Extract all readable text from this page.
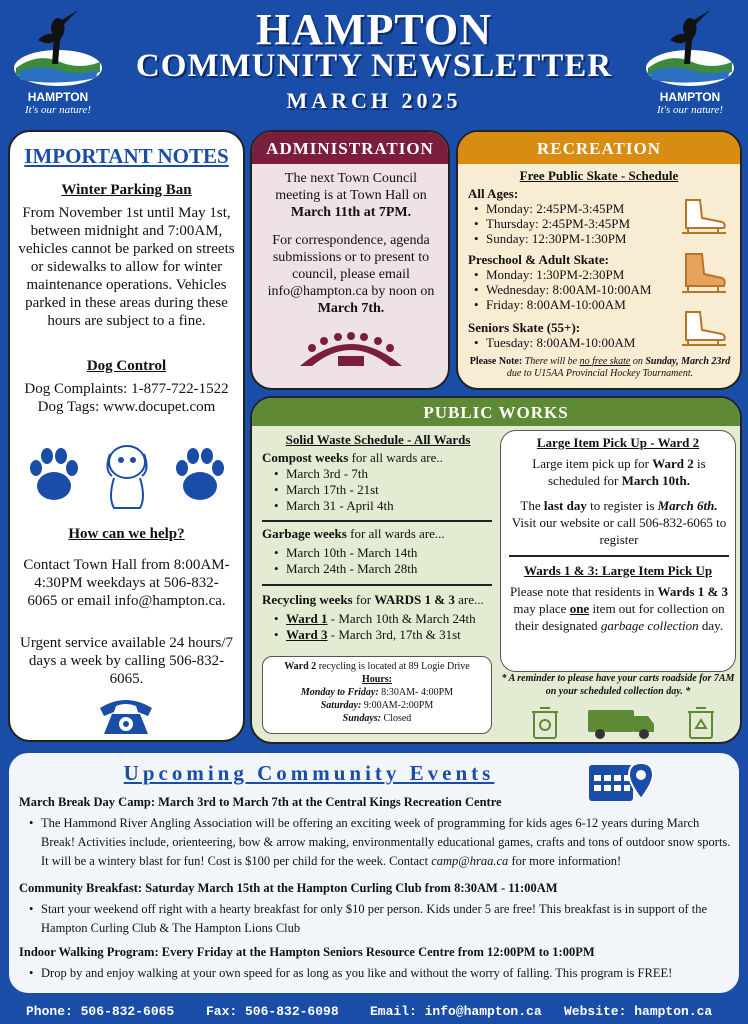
HAMPTON
It's our nature!
HAMPTON
COMMUNITY NEWSLETTER
MARCH 2025	HAMPTON
It's our nature!
IMPORTANT NOTES
Winter Parking Ban
From November 1st until May 1st, between midnight and 7:00AM, vehicles cannot be parked on streets or sidewalks to allow for winter maintenance operations. Vehicles parked in these areas during these hours are subject to a fine.
Dog Control
Dog Complaints: 1-877-722-1522
Dog Tags: www.docupet.com
How can we help?
Contact Town Hall from 8:00AM-4:30PM weekdays at 506-832-6065 or email info@hampton.ca.
Urgent service available 24 hours/7 days a week by calling 506-832-6065.
ADMINISTRATION
The next Town Council meeting is at Town Hall on March 11th at 7PM.
For correspondence, agenda submissions or to present to council, please email info@hampton.ca by noon on March 7th.
RECREATION
Free Public Skate - Schedule
All Ages:
• Monday: 2:45PM-3:45PM
• Thursday: 2:45PM-3:45PM
• Sunday: 12:30PM-1:30PM
Preschool & Adult Skate:
• Monday: 1:30PM-2:30PM
• Wednesday: 8:00AM-10:00AM
• Friday: 8:00AM-10:00AM
Seniors Skate (55+):
• Tuesday: 8:00AM-10:00AM
Please Note: There will be no free skate on Sunday, March 23rd due to U15AA Provincial Hockey Tournament.
PUBLIC WORKS
Solid Waste Schedule - All Wards
Compost weeks for all wards are..
• March 3rd - 7th
• March 17th - 21st
• March 31 - April 4th
Garbage weeks for all wards are...
• March 10th - March 14th
• March 24th - March 28th
Recycling weeks for WARDS 1 & 3 are...
• Ward 1 - March 10th & March 24th
• Ward 3 - March 3rd, 17th & 31st
Ward 2 recycling is located at 89 Logie Drive
Hours:
Monday to Friday: 8:30AM- 4:00PM
Saturday: 9:00AM-2:00PM
Sundays: Closed
Large Item Pick Up - Ward 2
Large item pick up for Ward 2 is scheduled for March 10th.
The last day to register is March 6th. Visit our website or call 506-832-6065 to register
Wards 1 & 3: Large Item Pick Up
Please note that residents in Wards 1 & 3 may place one item out for collection on their designated garbage collection day.
* A reminder to please have your carts roadside for 7AM on your scheduled collection day. *
Upcoming Community Events
March Break Day Camp: March 3rd to March 7th at the Central Kings Recreation Centre
• The Hammond River Angling Association will be offering an exciting week of programming for kids ages 6-12 years during March Break! Activities include, orienteering, bow & arrow making, environmentally educational games, crafts and tons of outdoor snow sports. It will be a wintery blast for fun! Cost is $100 per child for the week. Contact camp@hraa.ca for more information!
Community Breakfast: Saturday March 15th at the Hampton Curling Club from 8:30AM - 11:00AM
• Start your weekend off right with a hearty breakfast for only $10 per person. Kids under 5 are free! This breakfast is in support of the Hampton Curling Club & The Hampton Lions Club
Indoor Walking Program: Every Friday at the Hampton Seniors Resource Centre from 12:00PM to 1:00PM
• Drop by and enjoy walking at your own speed for as long as you like and without the worry of falling. This program is FREE!
Phone: 506-832-6065 Fax: 506-832-6098 Email: info@hampton.ca Website: hampton.ca
